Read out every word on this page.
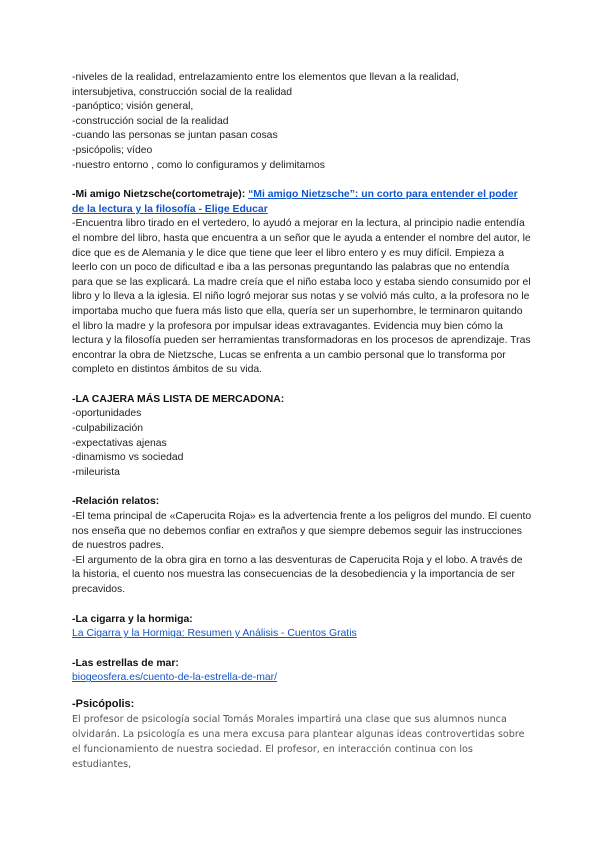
-niveles de la realidad, entrelazamiento entre los elementos que llevan a la realidad,
intersubjetiva, construcción social de la realidad
-panóptico; visión general,
-construcción social de la realidad
-cuando las personas se juntan pasan cosas
-psicópolis; vídeo
-nuestro entorno , como lo configuramos y delimitamos
-Mi amigo Nietzsche(cortometraje): “Mi amigo Nietzsche”: un corto para entender el poder de la lectura y la filosofía - Elige Educar
-Encuentra libro tirado en el vertedero, lo ayudó a mejorar en la lectura, al principio nadie entendía el nombre del libro, hasta que encuentra a un señor que le ayuda a entender el nombre del autor, le dice que es de Alemania y le dice que tiene que leer el libro entero y es muy difícil. Empieza a leerlo con un poco de dificultad e iba a las personas preguntando las palabras que no entendía para que se las explicará. La madre creía que el niño estaba loco y estaba siendo consumido por el libro y lo lleva a la iglesia. El niño logró mejorar sus notas y se volvió más culto, a la profesora no le importaba mucho que fuera más listo que ella, quería ser un superhombre, le terminaron quitando el libro la madre y la profesora por impulsar ideas extravagantes. Evidencia muy bien cómo la lectura y la filosofía pueden ser herramientas transformadoras en los procesos de aprendizaje. Tras encontrar la obra de Nietzsche, Lucas se enfrenta a un cambio personal que lo transforma por completo en distintos ámbitos de su vida.
-LA CAJERA MÁS LISTA DE MERCADONA:
-oportunidades
-culpabilización
-expectativas ajenas
-dinamismo vs sociedad
-mileurista
-Relación relatos:
-El tema principal de «Caperucita Roja» es la advertencia frente a los peligros del mundo. El cuento nos enseña que no debemos confiar en extraños y que siempre debemos seguir las instrucciones de nuestros padres.
-El argumento de la obra gira en torno a las desventuras de Caperucita Roja y el lobo. A través de la historia, el cuento nos muestra las consecuencias de la desobediencia y la importancia de ser precavidos.
-La cigarra y la hormiga:
La Cigarra y la Hormiga: Resumen y Análisis - Cuentos Gratis
-Las estrellas de mar:
biogeosfera.es/cuento-de-la-estrella-de-mar/
-Psicópolis:
El profesor de psicología social Tomás Morales impartirá una clase que sus alumnos nunca olvidarán. La psicología es una mera excusa para plantear algunas ideas controvertidas sobre el funcionamiento de nuestra sociedad. El profesor, en interacción continua con los estudiantes,
